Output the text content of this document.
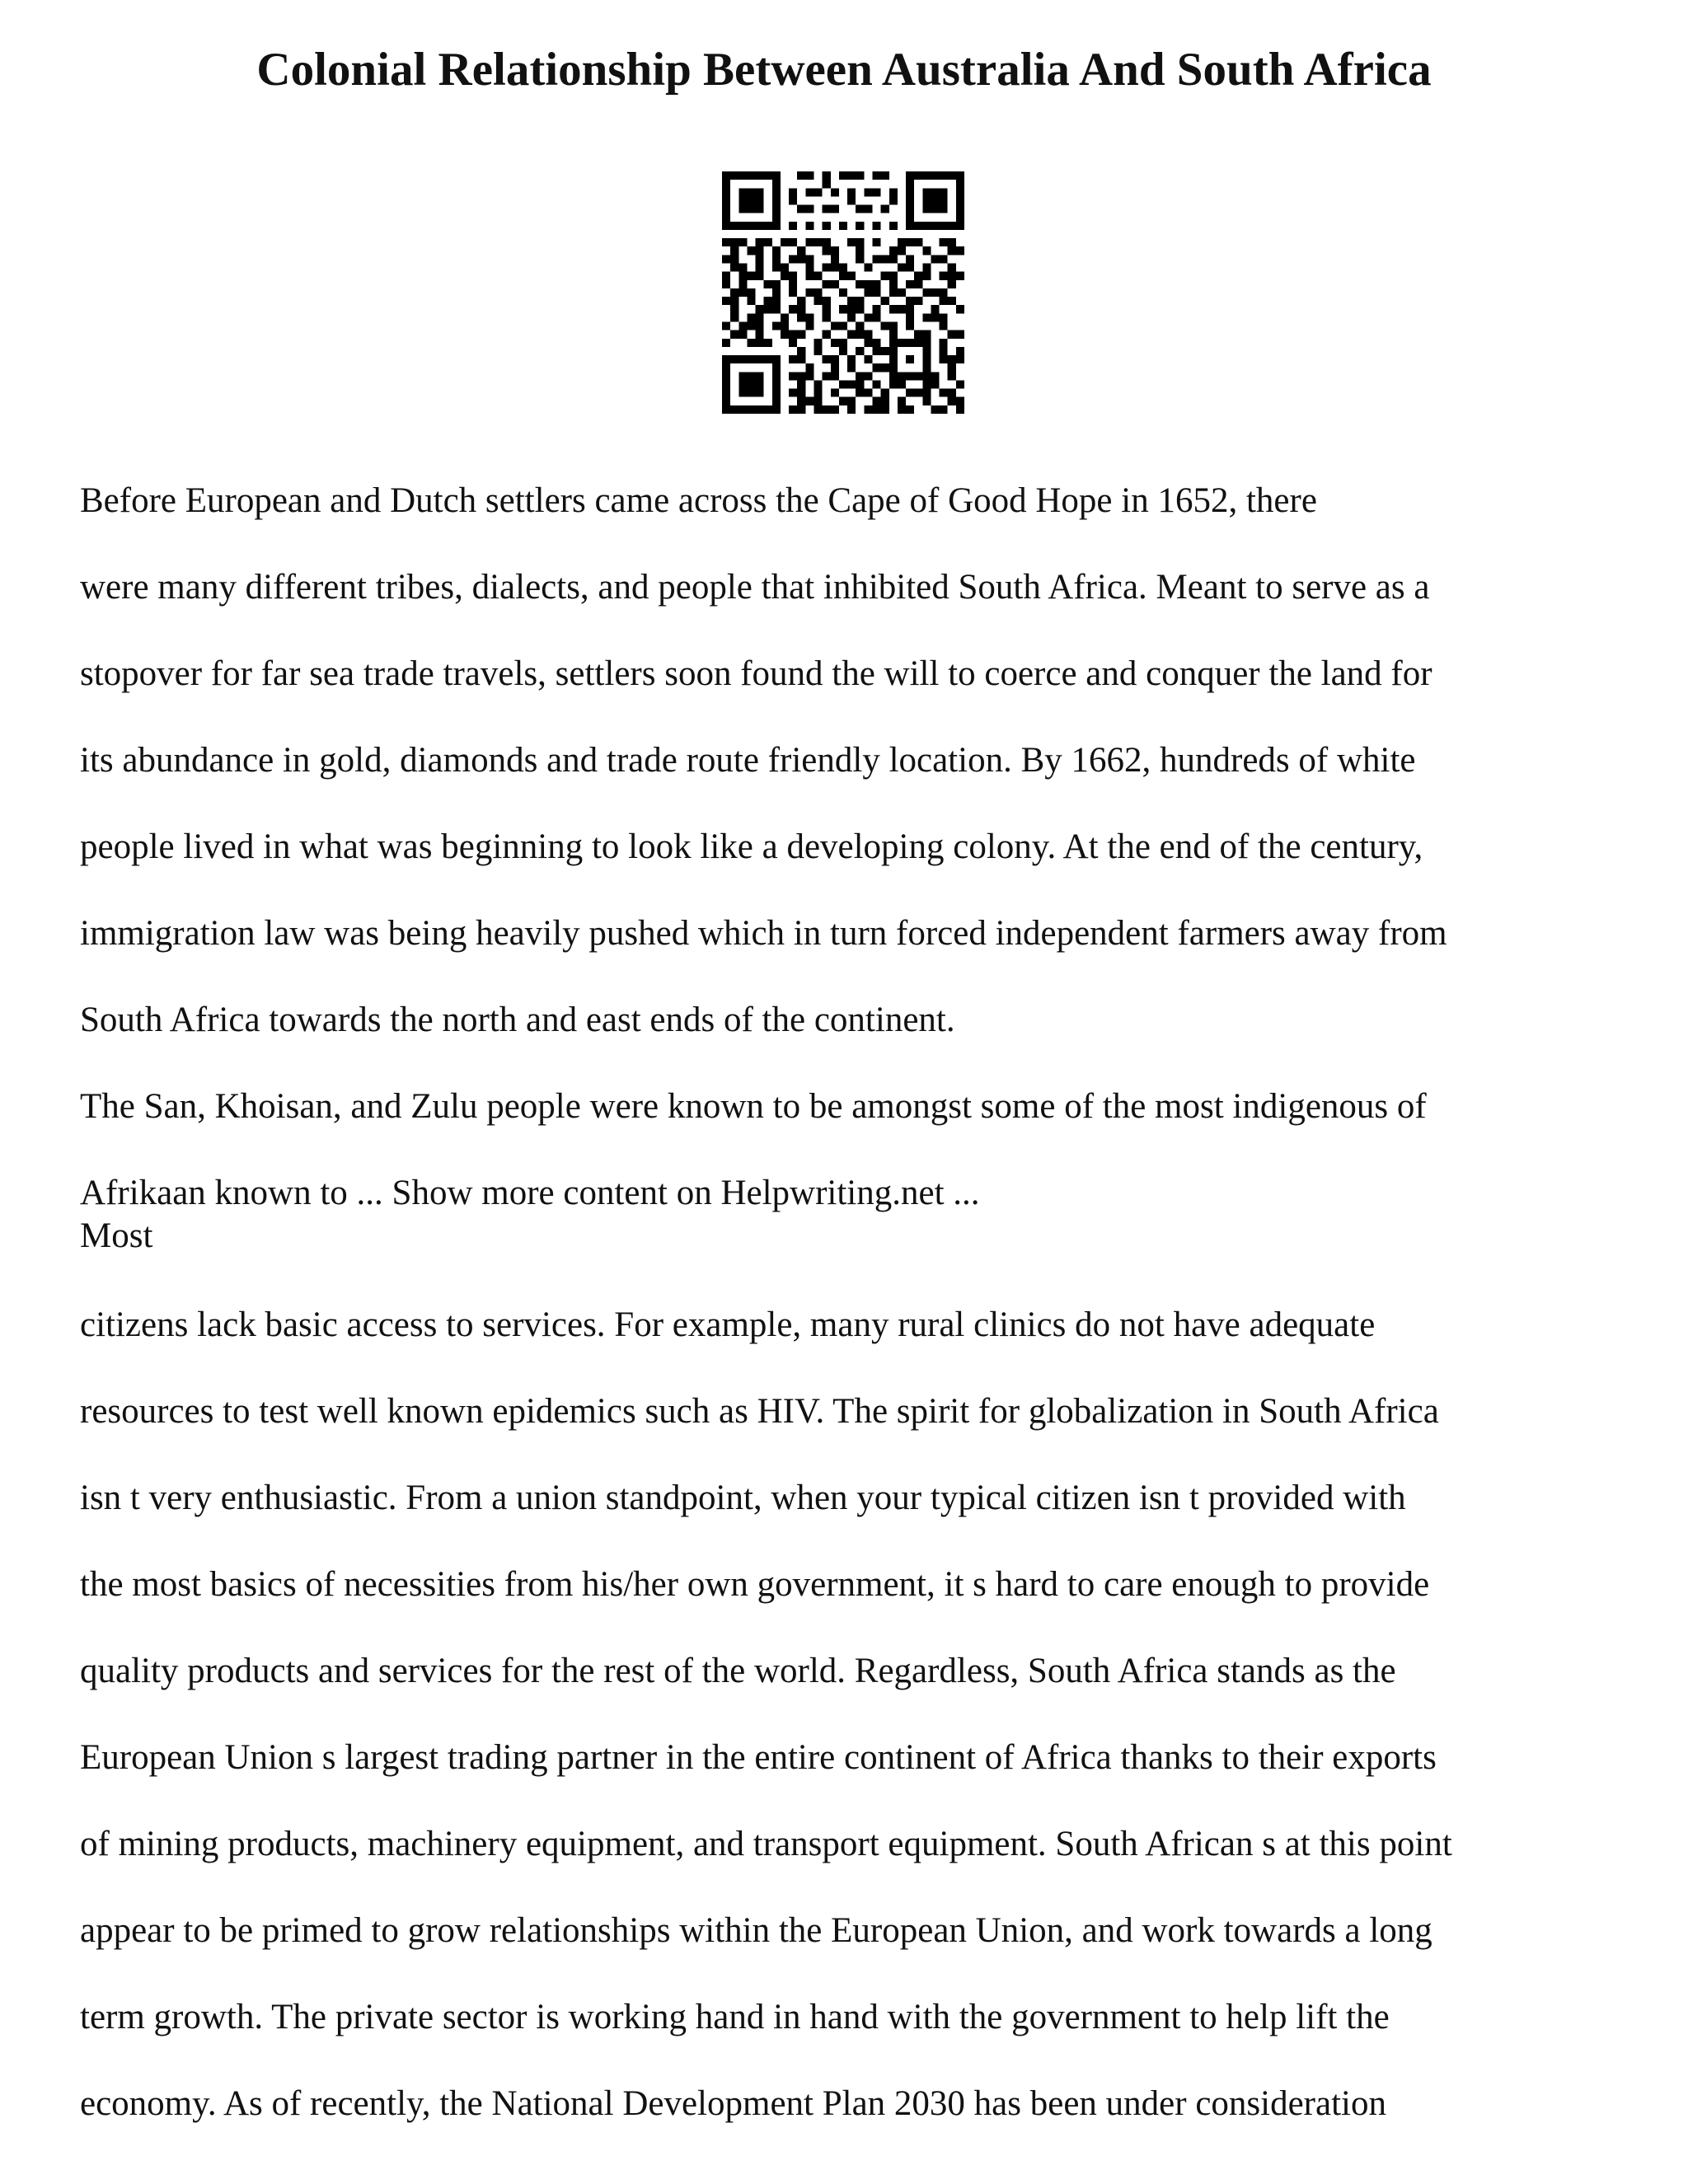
Colonial Relationship Between Australia And South Africa

Before European and Dutch settlers came across the Cape of Good Hope in 1652, there

were many different tribes, dialects, and people that inhibited South Africa. Meant to serve as a

stopover for far sea trade travels, settlers soon found the will to coerce and conquer the land for

its abundance in gold, diamonds and trade route friendly location. By 1662, hundreds of white

people lived in what was beginning to look like a developing colony. At the end of the century,

immigration law was being heavily pushed which in turn forced independent farmers away from

South Africa towards the north and east ends of the continent.

The San, Khoisan, and Zulu people were known to be amongst some of the most indigenous of

Afrikaan known to ... Show more content on Helpwriting.net ...

Most

citizens lack basic access to services. For example, many rural clinics do not have adequate

resources to test well known epidemics such as HIV. The spirit for globalization in South Africa

isn t very enthusiastic. From a union standpoint, when your typical citizen isn t provided with

the most basics of necessities from his/her own government, it s hard to care enough to provide

quality products and services for the rest of the world. Regardless, South Africa stands as the

European Union s largest trading partner in the entire continent of Africa thanks to their exports

of mining products, machinery equipment, and transport equipment. South African s at this point

appear to be primed to grow relationships within the European Union, and work towards a long

term growth. The private sector is working hand in hand with the government to help lift the

economy. As of recently, the National Development Plan 2030 has been under consideration
